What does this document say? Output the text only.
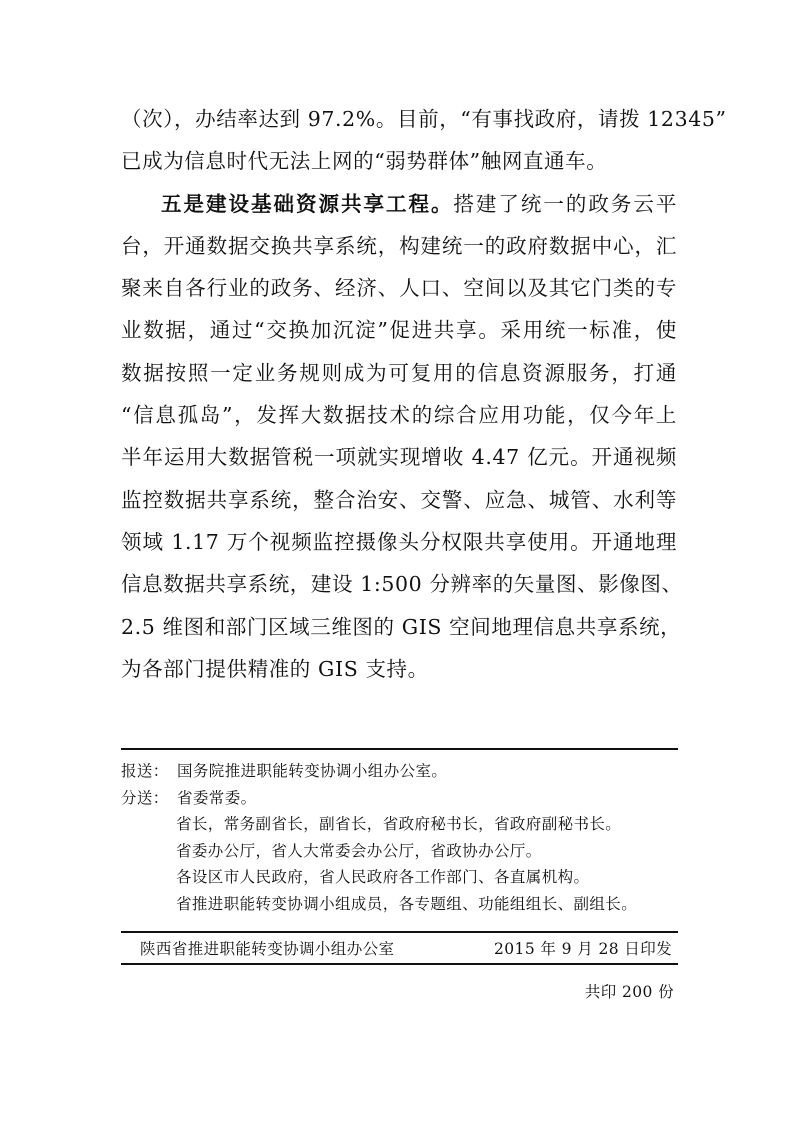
（次），办结率达到 97.2%。目前，“有事找政府，请拨 12345”
已成为信息时代无法上网的“弱势群体”触网直通车。
五是建设基础资源共享工程。搭建了统一的政务云平
台，开通数据交换共享系统，构建统一的政府数据中心，汇
聚来自各行业的政务、经济、人口、空间以及其它门类的专
业数据，通过“交换加沉淀”促进共享。采用统一标准，使
数据按照一定业务规则成为可复用的信息资源服务，打通
“信息孤岛”，发挥大数据技术的综合应用功能，仅今年上
半年运用大数据管税一项就实现增收 4.47 亿元。开通视频
监控数据共享系统，整合治安、交警、应急、城管、水利等
领域 1.17 万个视频监控摄像头分权限共享使用。开通地理
信息数据共享系统，建设 1:500 分辨率的矢量图、影像图、
2.5 维图和部门区域三维图的 GIS 空间地理信息共享系统，
为各部门提供精准的 GIS 支持。
报送： 国务院推进职能转变协调小组办公室。
分送： 省委常委。
省长，常务副省长，副省长，省政府秘书长，省政府副秘书长。
省委办公厅，省人大常委会办公厅，省政协办公厅。
各设区市人民政府，省人民政府各工作部门、各直属机构。
省推进职能转变协调小组成员，各专题组、功能组组长、副组长。
陕西省推进职能转变协调小组办公室	2015 年 9 月 28 日印发
共印 200 份
